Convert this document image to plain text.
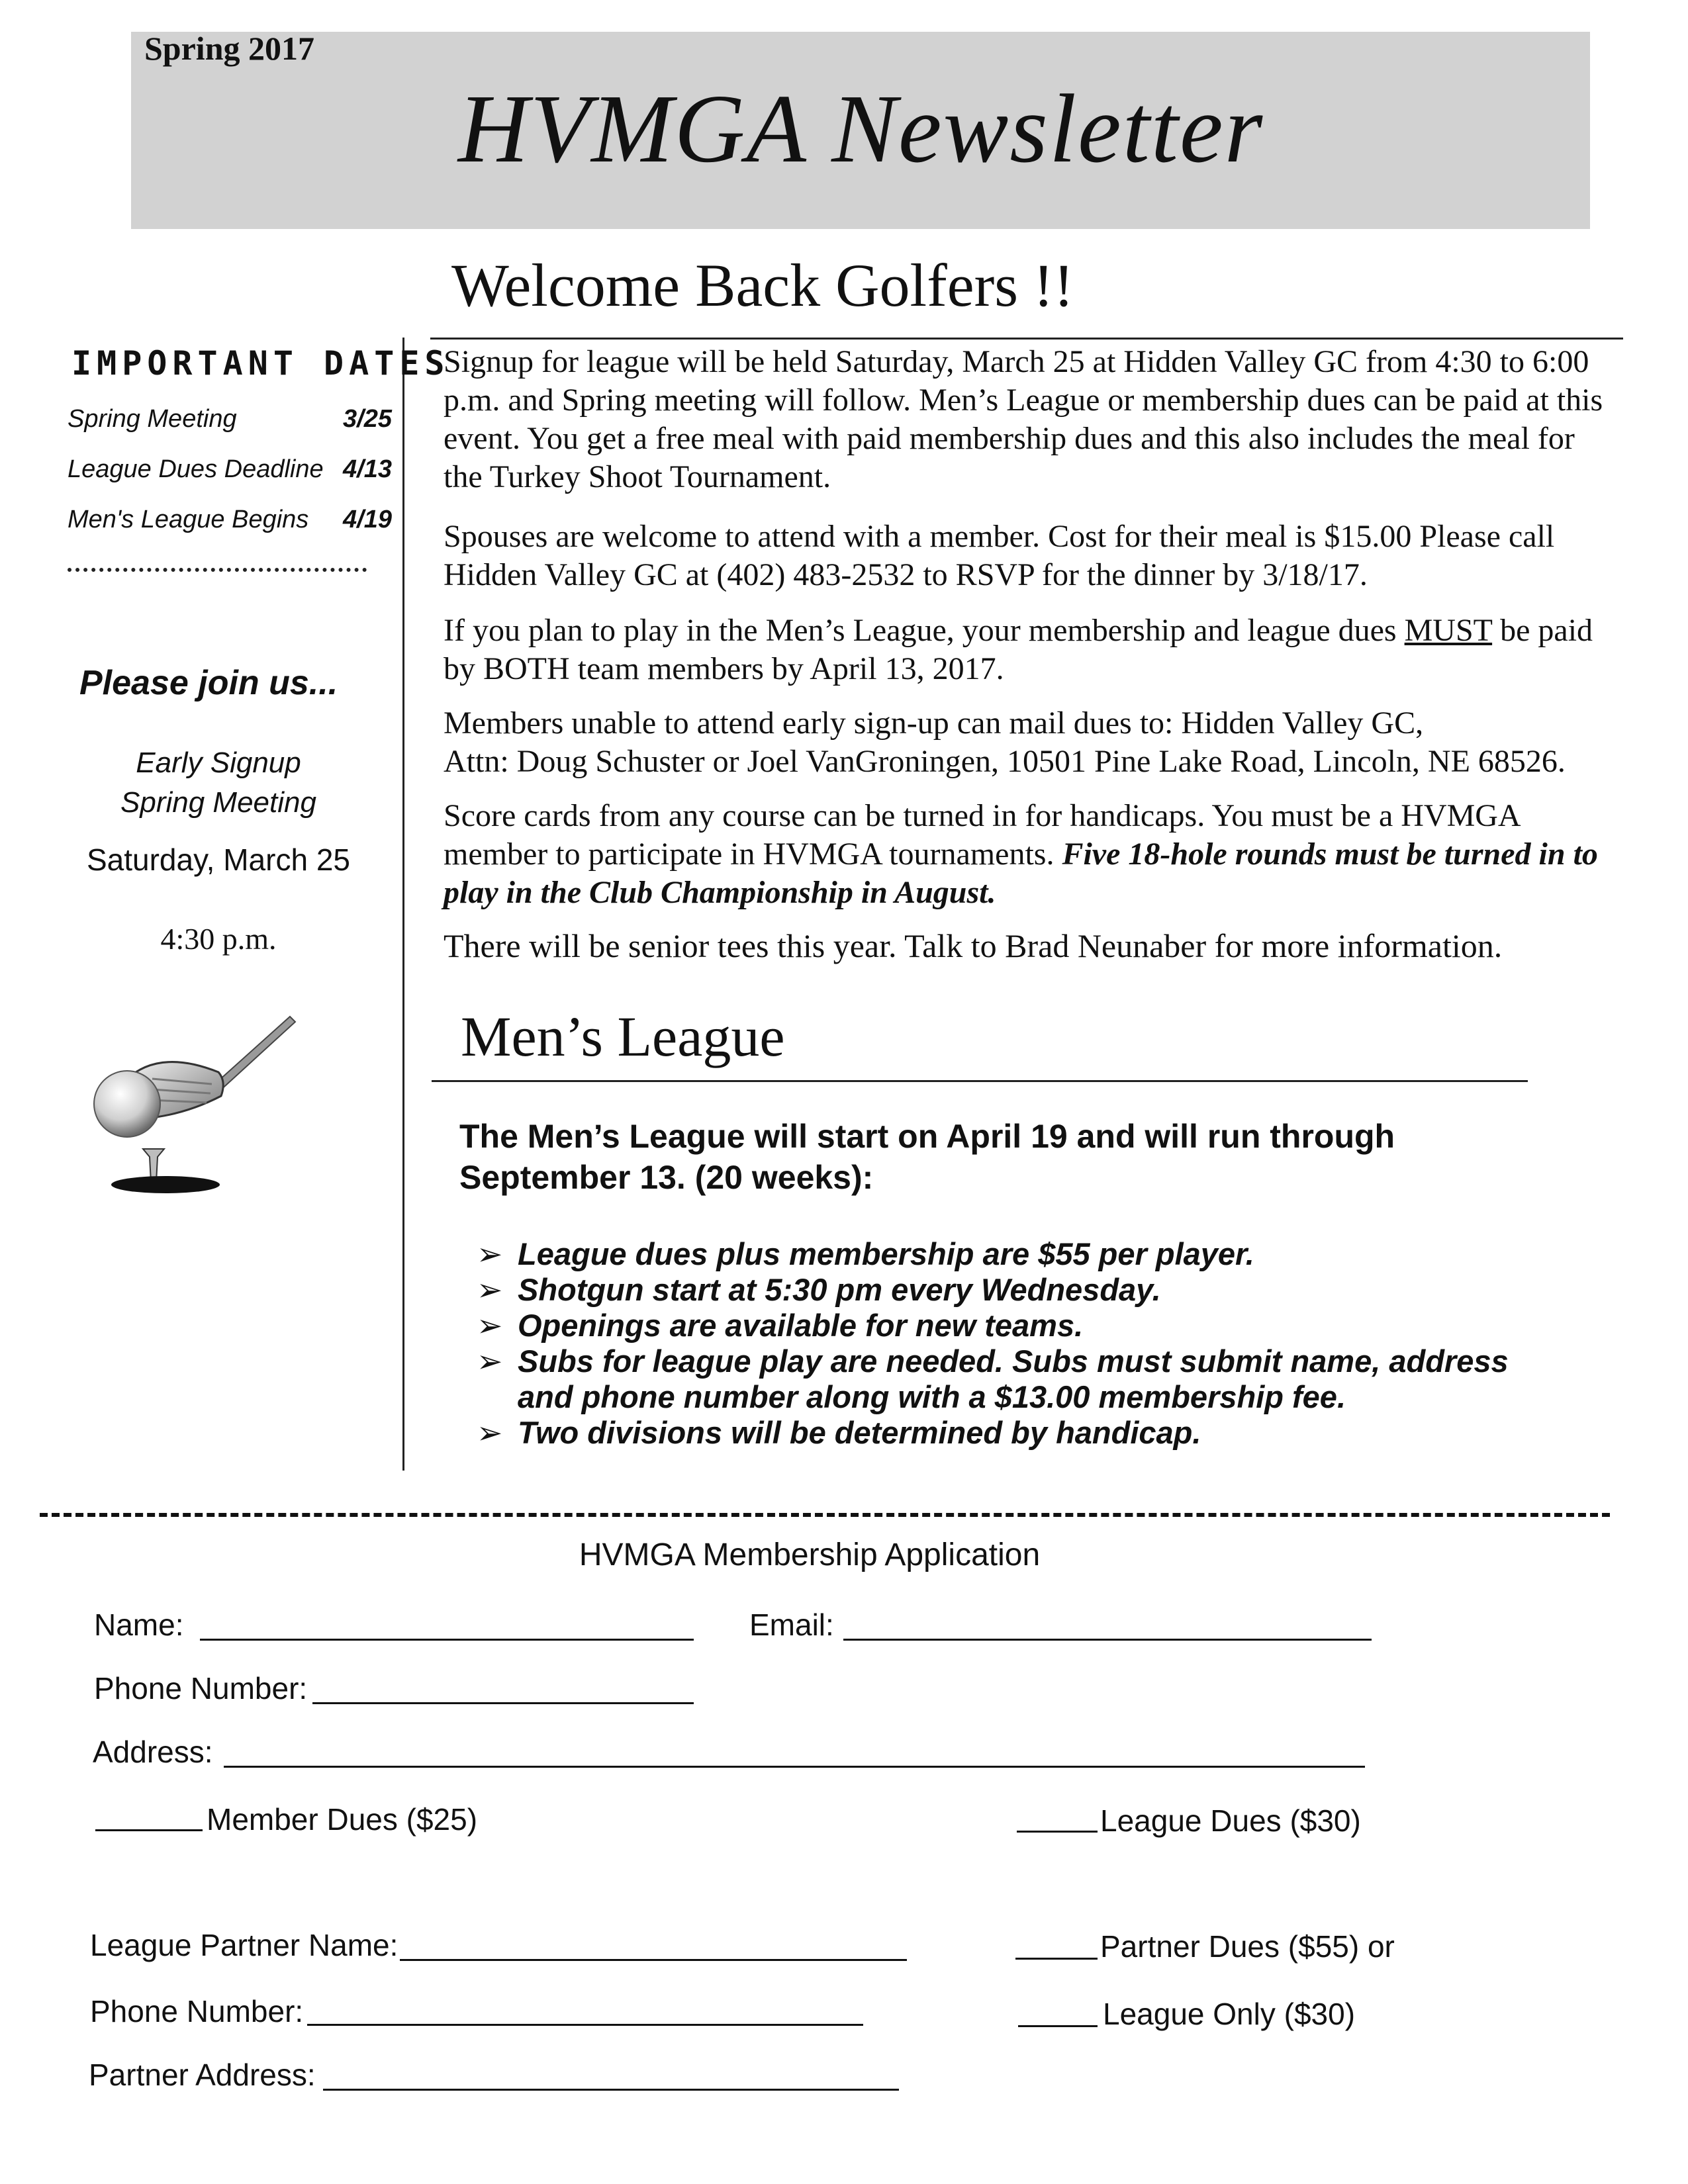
Spring 2017
HVMGA Newsletter
Welcome Back Golfers !!
IMPORTANT DATES
Spring Meeting	3/25
League Dues Deadline 4/13
Men's League Begins 4/19
Please join us...
Early Signup
Spring Meeting
Saturday, March 25
4:30 p.m.
Signup for league will be held Saturday, March 25 at Hidden Valley GC from 4:30 to 6:00 p.m. and Spring meeting will follow. Men’s League or membership dues can be paid at this event. You get a free meal with paid membership dues and this also includes the meal for the Turkey Shoot Tournament.
Spouses are welcome to attend with a member. Cost for their meal is $15.00 Please call Hidden Valley GC at (402) 483-2532 to RSVP for the dinner by 3/18/17.
If you plan to play in the Men’s League, your membership and league dues MUST be paid by BOTH team members by April 13, 2017.
Members unable to attend early sign-up can mail dues to: Hidden Valley GC,
Attn: Doug Schuster or Joel VanGroningen, 10501 Pine Lake Road, Lincoln, NE 68526.
Score cards from any course can be turned in for handicaps. You must be a HVMGA member to participate in HVMGA tournaments. Five 18-hole rounds must be turned in to play in the Club Championship in August.
There will be senior tees this year. Talk to Brad Neunaber for more information.
Men’s League
The Men’s League will start on April 19 and will run through September 13. (20 weeks):
➢ League dues plus membership are $55 per player.
➢ Shotgun start at 5:30 pm every Wednesday.
➢ Openings are available for new teams.
➢ Subs for league play are needed. Subs must submit name, address and phone number along with a $13.00 membership fee.
➢ Two divisions will be determined by handicap.
HVMGA Membership Application
Name:	Email:
Phone Number:
Address:
Member Dues ($25)	League Dues ($30)
League Partner Name:	Partner Dues ($55) or
Phone Number:	League Only ($30)
Partner Address:
